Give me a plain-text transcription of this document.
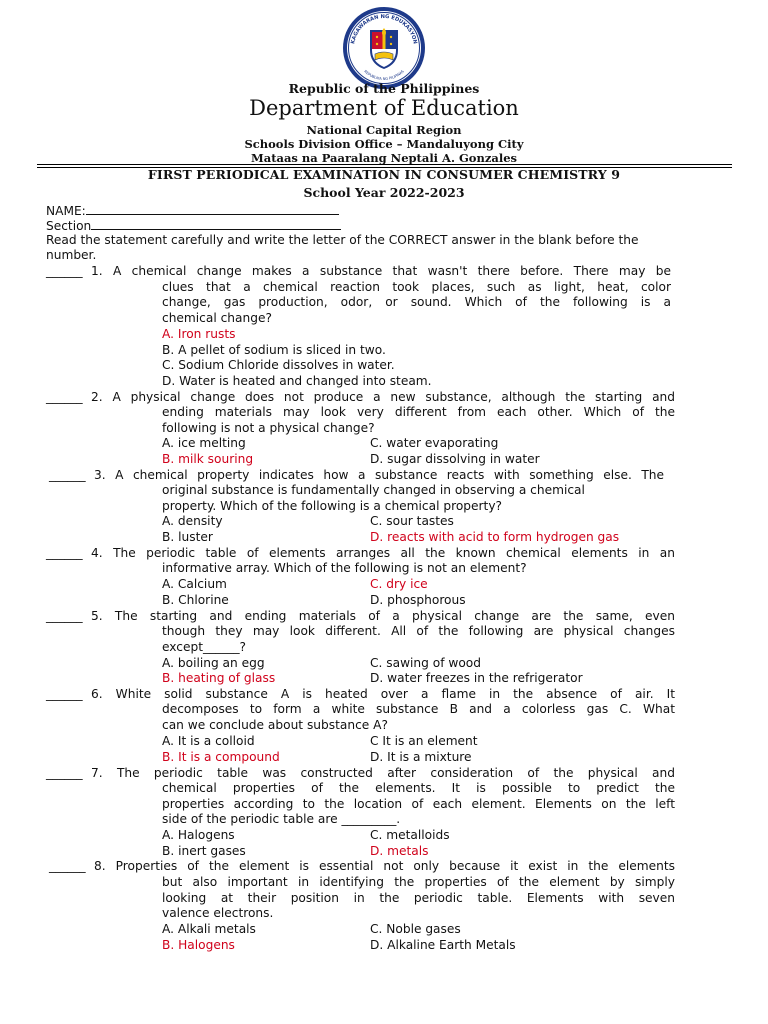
KAGAWARAN NG EDUKASYON
REPUBLIKA NG PILIPINAS
Republic of the Philippines
Department of Education
National Capital Region
Schools Division Office – Mandaluyong City
Mataas na Paaralang Neptali A. Gonzales
FIRST PERIODICAL EXAMINATION IN CONSUMER CHEMISTRY 9
School Year 2022-2023
NAME:
Section
Read the statement carefully and write the letter of the CORRECT answer in the blank before the
number.
______ 1. A chemical change makes a substance that wasn't there before. There may be
clues that a chemical reaction took places, such as light, heat, color
change, gas production, odor, or sound. Which of the following is a
chemical change?
A. Iron rusts
B. A pellet of sodium is sliced in two.
C. Sodium Chloride dissolves in water.
D. Water is heated and changed into steam.
______ 2. A physical change does not produce a new substance, although the starting and
ending materials may look very different from each other. Which of the
following is not a physical change?
A. ice melting	C. water evaporating
B. milk souring	D. sugar dissolving in water
______ 3. A chemical property indicates how a substance reacts with something else. The
original substance is fundamentally changed in observing a chemical
property. Which of the following is a chemical property?
A. density	C. sour tastes
B. luster	D. reacts with acid to form hydrogen gas
______ 4. The periodic table of elements arranges all the known chemical elements in an
informative array. Which of the following is not an element?
A. Calcium	C. dry ice
B. Chlorine	D. phosphorous
______ 5. The starting and ending materials of a physical change are the same, even
though they may look different. All of the following are physical changes
except______?
A. boiling an egg	C. sawing of wood
B. heating of glass	D. water freezes in the refrigerator
______ 6. White solid substance A is heated over a flame in the absence of air. It
decomposes to form a white substance B and a colorless gas C. What
can we conclude about substance A?
A. It is a colloid	C It is an element
B. It is a compound	D. It is a mixture
______ 7. The periodic table was constructed after consideration of the physical and
chemical properties of the elements. It is possible to predict the
properties according to the location of each element. Elements on the left
side of the periodic table are _________.
A. Halogens	C. metalloids
B. inert gases	D. metals
______ 8. Properties of the element is essential not only because it exist in the elements
but also important in identifying the properties of the element by simply
looking at their position in the periodic table. Elements with seven
valence electrons.
A. Alkali metals	C. Noble gases
B. Halogens	D. Alkaline Earth Metals
